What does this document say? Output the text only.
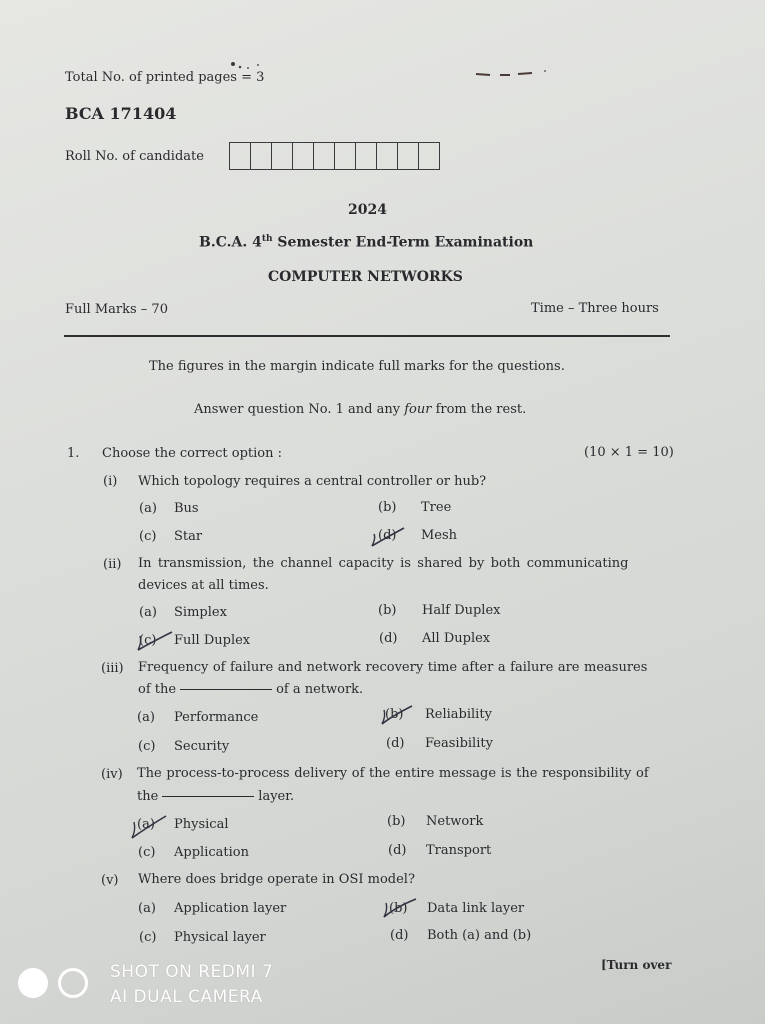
Total No. of printed pages = 3
BCA 171404
Roll No. of candidate
2024
B.C.A. 4th Semester End-Term Examination
COMPUTER NETWORKS
Full Marks – 70	Time – Three hours
The figures in the margin indicate full marks for the questions.
Answer question No. 1 and any four from the rest.
1. Choose the correct option :	(10 × 1 = 10)
(i) Which topology requires a central controller or hub?
(a) Bus	(b) Tree
(c) Star	(d) Mesh
(ii) In transmission, the channel capacity is shared by both communicating
devices at all times.
(a) Simplex	(b) Half Duplex
(c) Full Duplex	(d) All Duplex
(iii) Frequency of failure and network recovery time after a failure are measures
of the	of a network.
(a) Performance	(b) Reliability
(c) Security	(d) Feasibility
(iv) The process-to-process delivery of the entire message is the responsibility of
the	layer.
(a) Physical	(b) Network
(c) Application	(d) Transport
(v) Where does bridge operate in OSI model?
(a) Application layer	(b) Data link layer
(c) Physical layer	(d) Both (a) and (b)
[Turn over
SHOT ON REDMI 7
AI DUAL CAMERA
